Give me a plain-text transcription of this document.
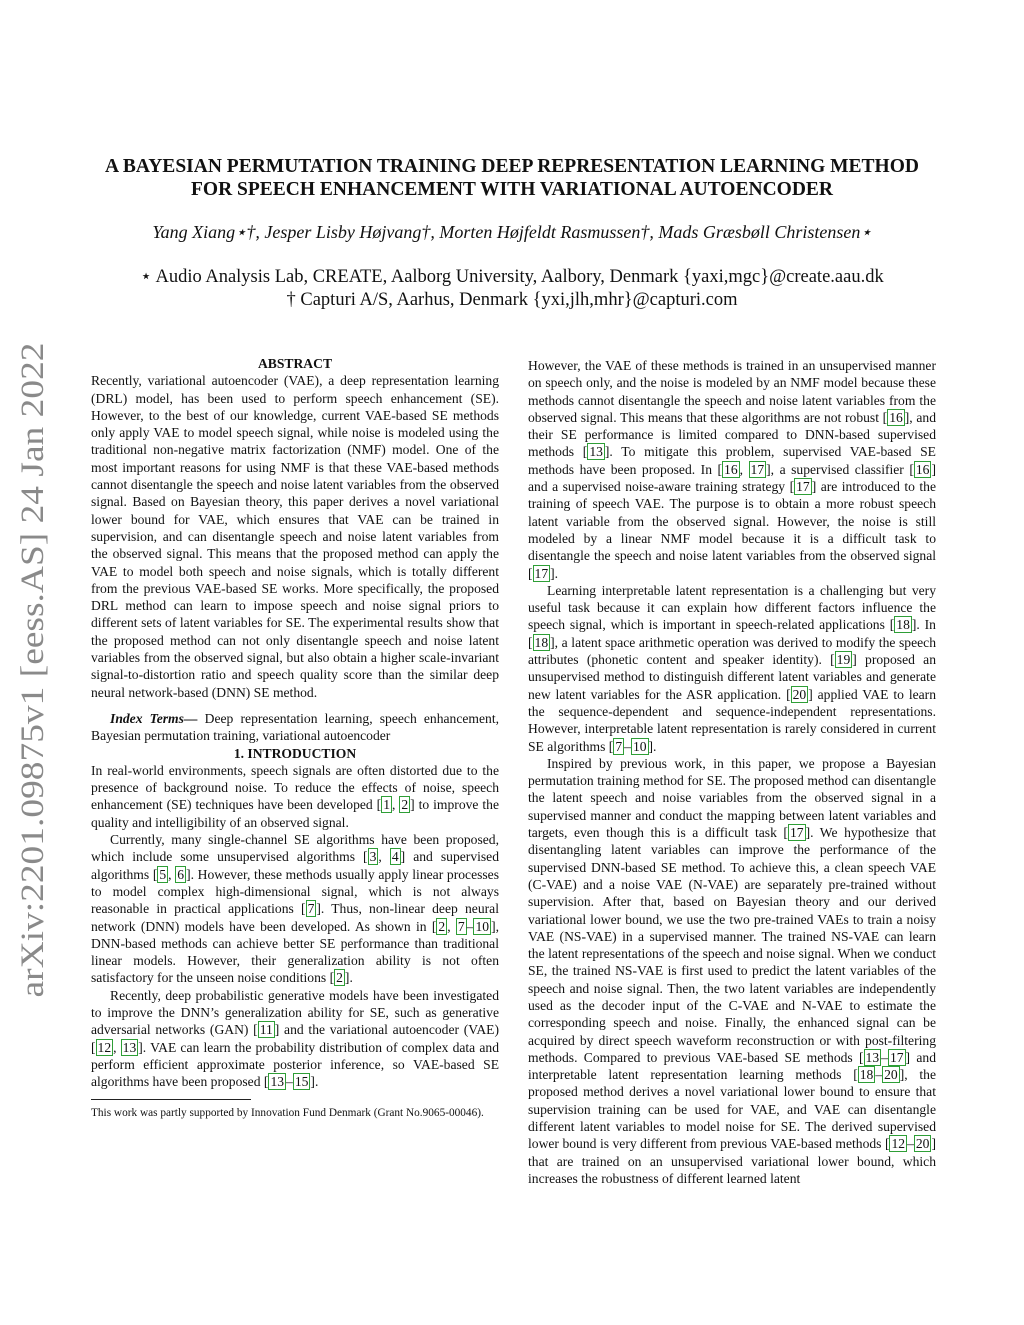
arXiv:2201.09875v1 [eess.AS] 24 Jan 2022
A BAYESIAN PERMUTATION TRAINING DEEP REPRESENTATION LEARNING METHOD
FOR SPEECH ENHANCEMENT WITH VARIATIONAL AUTOENCODER
Yang Xiang⋆†, Jesper Lisby Højvang†, Morten Højfeldt Rasmussen†, Mads Græsbøll Christensen⋆
⋆ Audio Analysis Lab, CREATE, Aalborg University, Aalbory, Denmark {yaxi,mgc}@create.aau.dk
† Capturi A/S, Aarhus, Denmark {yxi,jlh,mhr}@capturi.com

ABSTRACT

Recently, variational autoencoder (VAE), a deep representation learning (DRL) model, has been used to perform speech enhancement (SE). However, to the best of our knowledge, current VAE-based SE methods only apply VAE to model speech signal, while noise is modeled using the traditional non-negative matrix factorization (NMF) model. One of the most important reasons for using NMF is that these VAE-based methods cannot disentangle the speech and noise latent variables from the observed signal. Based on Bayesian theory, this paper derives a novel variational lower bound for VAE, which ensures that VAE can be trained in supervision, and can disentangle speech and noise latent variables from the observed signal. This means that the proposed method can apply the VAE to model both speech and noise signals, which is totally different from the previous VAE-based SE works. More specifically, the proposed DRL method can learn to impose speech and noise signal priors to different sets of latent variables for SE. The experimental results show that the proposed method can not only disentangle speech and noise latent variables from the observed signal, but also obtain a higher scale-invariant signal-to-distortion ratio and speech quality score than the similar deep neural network-based (DNN) SE method.

Index Terms— Deep representation learning, speech enhancement, Bayesian permutation training, variational autoencoder

1. INTRODUCTION

In real-world environments, speech signals are often distorted due to the presence of background noise. To reduce the effects of noise, speech enhancement (SE) techniques have been developed [ 1 , 2 ] to improve the quality and intelligibility of an observed signal.

Currently, many single-channel SE algorithms have been proposed, which include some unsupervised algorithms [ 3 , 4 ] and supervised algorithms [ 5 , 6 ]. However, these methods usually apply linear processes to model complex high-dimensional signal, which is not always reasonable in practical applications [ 7 ]. Thus, non-linear deep neural network (DNN) models have been developed. As shown in [ 2 , 7 – 10 ], DNN-based methods can achieve better SE performance than traditional linear models. However, their generalization ability is not often satisfactory for the unseen noise conditions [ 2 ].

Recently, deep probabilistic generative models have been investigated to improve the DNN’s generalization ability for SE, such as generative adversarial networks (GAN) [ 11 ] and the variational autoencoder (VAE) [ 12 , 13 ]. VAE can learn the probability distribution of complex data and perform efficient approximate posterior inference, so VAE-based SE algorithms have been proposed [ 13 – 15 ].

This work was partly supported by Innovation Fund Denmark (Grant No.9065-00046).

However, the VAE of these methods is trained in an unsupervised manner on speech only, and the noise is modeled by an NMF model because these methods cannot disentangle the speech and noise latent variables from the observed signal. This means that these algorithms are not robust [ 16 ], and their SE performance is limited compared to DNN-based supervised methods [ 13 ]. To mitigate this problem, supervised VAE-based SE methods have been proposed. In [ 16 , 17 ], a supervised classifier [ 16 ] and a supervised noise-aware training strategy [ 17 ] are introduced to the training of speech VAE. The purpose is to obtain a more robust speech latent variable from the observed signal. However, the noise is still modeled by a linear NMF model because it is a difficult task to disentangle the speech and noise latent variables from the observed signal [ 17 ].

Learning interpretable latent representation is a challenging but very useful task because it can explain how different factors influence the speech signal, which is important in speech-related applications [ 18 ]. In [ 18 ], a latent space arithmetic operation was derived to modify the speech attributes (phonetic content and speaker identity). [ 19 ] proposed an unsupervised method to distinguish different latent variables and generate new latent variables for the ASR application. [ 20 ] applied VAE to learn the sequence-dependent and sequence-independent representations. However, interpretable latent representation is rarely considered in current SE algorithms [ 7 – 10 ].

Inspired by previous work, in this paper, we propose a Bayesian permutation training method for SE. The proposed method can disentangle the latent speech and noise variables from the observed signal in a supervised manner and conduct the mapping between latent variables and targets, even though this is a difficult task [ 17 ]. We hypothesize that disentangling latent variables can improve the performance of the supervised DNN-based SE method. To achieve this, a clean speech VAE (C-VAE) and a noise VAE (N-VAE) are separately pre-trained without supervision. After that, based on Bayesian theory and our derived variational lower bound, we use the two pre-trained VAEs to train a noisy VAE (NS-VAE) in a supervised manner. The trained NS-VAE can learn the latent representations of the speech and noise signal. When we conduct SE, the trained NS-VAE is first used to predict the latent variables of the speech and noise signal. Then, the two latent variables are independently used as the decoder input of the C-VAE and N-VAE to estimate the corresponding speech and noise. Finally, the enhanced signal can be acquired by direct speech waveform reconstruction or with post-filtering methods. Compared to previous VAE-based SE methods [ 13 – 17 ] and interpretable latent representation learning methods [ 18 – 20 ], the proposed method derives a novel variational lower bound to ensure that supervision training can be used for VAE, and VAE can disentangle different latent variables to model noise for SE. The derived supervised lower bound is very different from previous VAE-based methods [ 12 – 20 ] that are trained on an unsupervised variational lower bound, which increases the robustness of different learned latent
